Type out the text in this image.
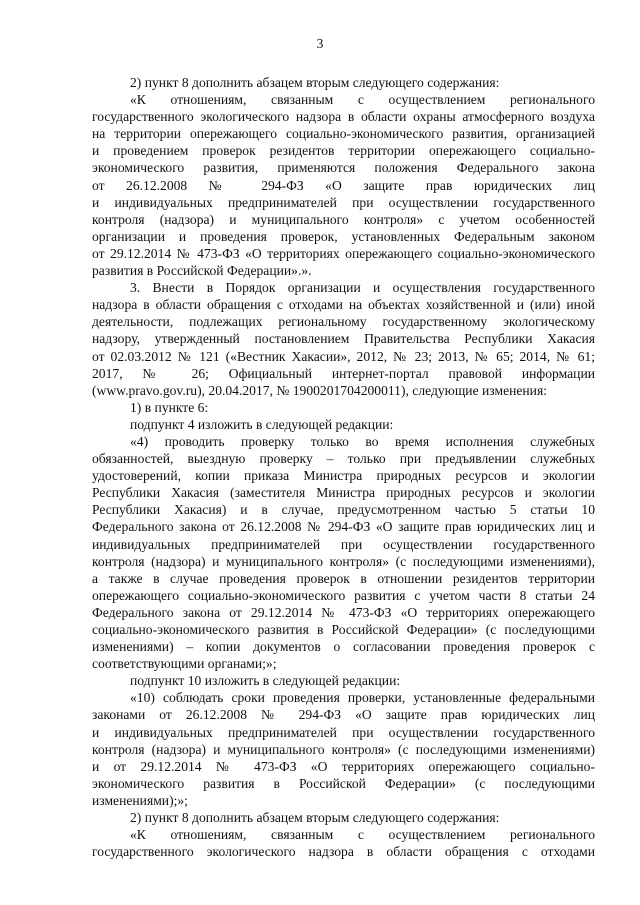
3
2) пункт 8 дополнить абзацем вторым следующего содержания:
«К отношениям, связанным с осуществлением регионального
государственного экологического надзора в области охраны атмосферного воздуха
на территории опережающего социально-экономического развития, организацией
и проведением проверок резидентов территории опережающего социально-
экономического развития, применяются положения Федерального закона
от 26.12.2008 № 294-ФЗ «О защите прав юридических лиц
и индивидуальных предпринимателей при осуществлении государственного
контроля (надзора) и муниципального контроля» с учетом особенностей
организации и проведения проверок, установленных Федеральным законом
от 29.12.2014 № 473-ФЗ «О территориях опережающего социально-экономического
развития в Российской Федерации».».
3. Внести в Порядок организации и осуществления государственного
надзора в области обращения с отходами на объектах хозяйственной и (или) иной
деятельности, подлежащих региональному государственному экологическому
надзору, утвержденный постановлением Правительства Республики Хакасия
от 02.03.2012 № 121 («Вестник Хакасии», 2012, № 23; 2013, № 65; 2014, № 61;
2017, № 26; Официальный интернет-портал правовой информации
(www.pravo.gov.ru), 20.04.2017, № 1900201704200011), следующие изменения:
1) в пункте 6:
подпункт 4 изложить в следующей редакции:
«4) проводить проверку только во время исполнения служебных
обязанностей, выездную проверку – только при предъявлении служебных
удостоверений, копии приказа Министра природных ресурсов и экологии
Республики Хакасия (заместителя Министра природных ресурсов и экологии
Республики Хакасия) и в случае, предусмотренном частью 5 статьи 10
Федерального закона от 26.12.2008 № 294-ФЗ «О защите прав юридических лиц и
индивидуальных предпринимателей при осуществлении государственного
контроля (надзора) и муниципального контроля» (с последующими изменениями),
а также в случае проведения проверок в отношении резидентов территории
опережающего социально-экономического развития с учетом части 8 статьи 24
Федерального закона от 29.12.2014 № 473-ФЗ «О территориях опережающего
социально-экономического развития в Российской Федерации» (с последующими
изменениями) – копии документов о согласовании проведения проверок с
соответствующими органами;»;
подпункт 10 изложить в следующей редакции:
«10) соблюдать сроки проведения проверки, установленные федеральными
законами от 26.12.2008 № 294-ФЗ «О защите прав юридических лиц
и индивидуальных предпринимателей при осуществлении государственного
контроля (надзора) и муниципального контроля» (с последующими изменениями)
и от 29.12.2014 № 473-ФЗ «О территориях опережающего социально-
экономического развития в Российской Федерации» (с последующими
изменениями);»;
2) пункт 8 дополнить абзацем вторым следующего содержания:
«К отношениям, связанным с осуществлением регионального
государственного экологического надзора в области обращения с отходами
